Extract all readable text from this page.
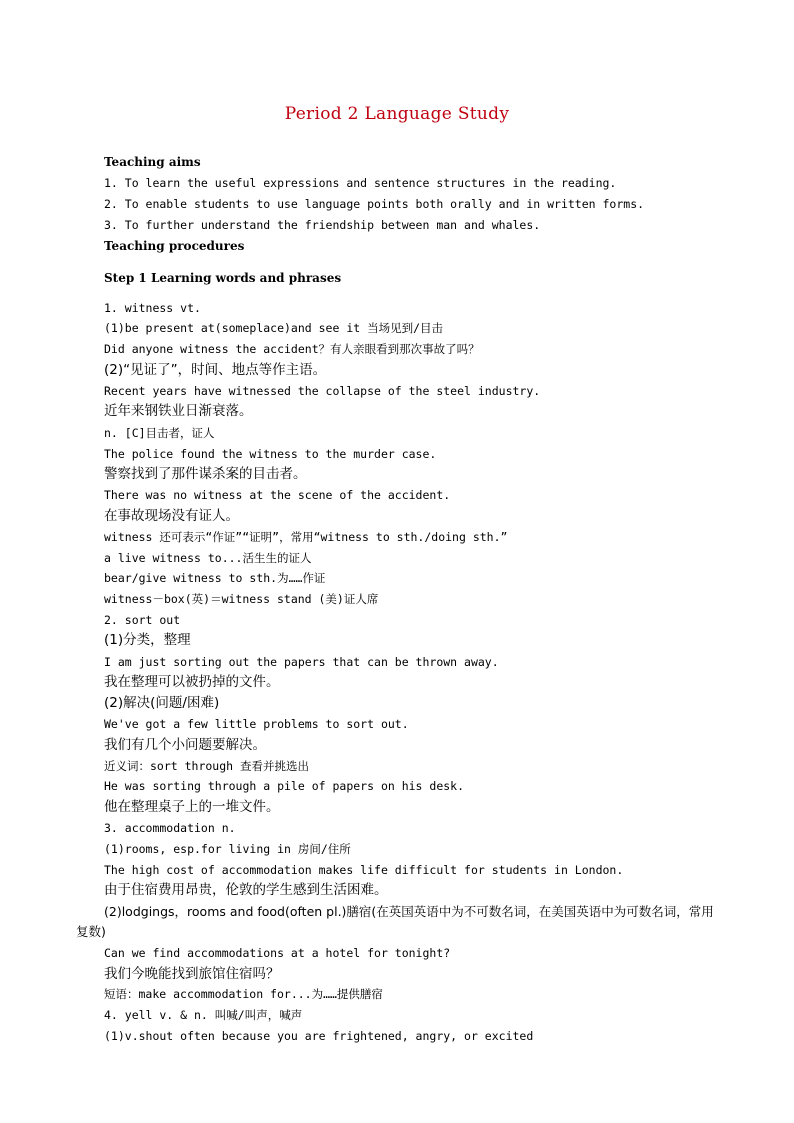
Period 2 Language Study
Teaching aims
1. To learn the useful expressions and sentence structures in the reading.
2. To enable students to use language points both orally and in written forms.
3. To further understand the friendship between man and whales.
Teaching procedures
Step 1 Learning words and phrases
1. witness vt.
(1)be present at(someplace)and see it 当场见到/目击
Did anyone witness the accident？有人亲眼看到那次事故了吗？
(2)“见证了”，时间、地点等作主语。
Recent years have witnessed the collapse of the steel industry.
近年来钢铁业日渐衰落。
n. [C]目击者，证人
The police found the witness to the murder case.
警察找到了那件谋杀案的目击者。
There was no witness at the scene of the accident.
在事故现场没有证人。
witness 还可表示“作证”“证明”，常用“witness to sth./doing sth.”
a live witness to...活生生的证人
bear/give witness to sth.为……作证
witness－box(英)＝witness stand (美)证人席
2. sort out
(1)分类，整理
I am just sorting out the papers that can be thrown away.
我在整理可以被扔掉的文件。
(2)解决(问题/困难)
We've got a few little problems to sort out.
我们有几个小问题要解决。
近义词：sort through 查看并挑选出
He was sorting through a pile of papers on his desk.
他在整理桌子上的一堆文件。
3. accommodation n.
(1)rooms, esp.for living in 房间/住所
The high cost of accommodation makes life difficult for students in London.
由于住宿费用昂贵，伦敦的学生感到生活困难。
(2)lodgings，rooms and food(often pl.)膳宿(在英国英语中为不可数名词，在美国英语中为可数名词，常用复数)
Can we find accommodations at a hotel for tonight?
我们今晚能找到旅馆住宿吗？
短语：make accommodation for...为……提供膳宿
4. yell v. & n. 叫喊/叫声，喊声
(1)v.shout often because you are frightened, angry, or excited
